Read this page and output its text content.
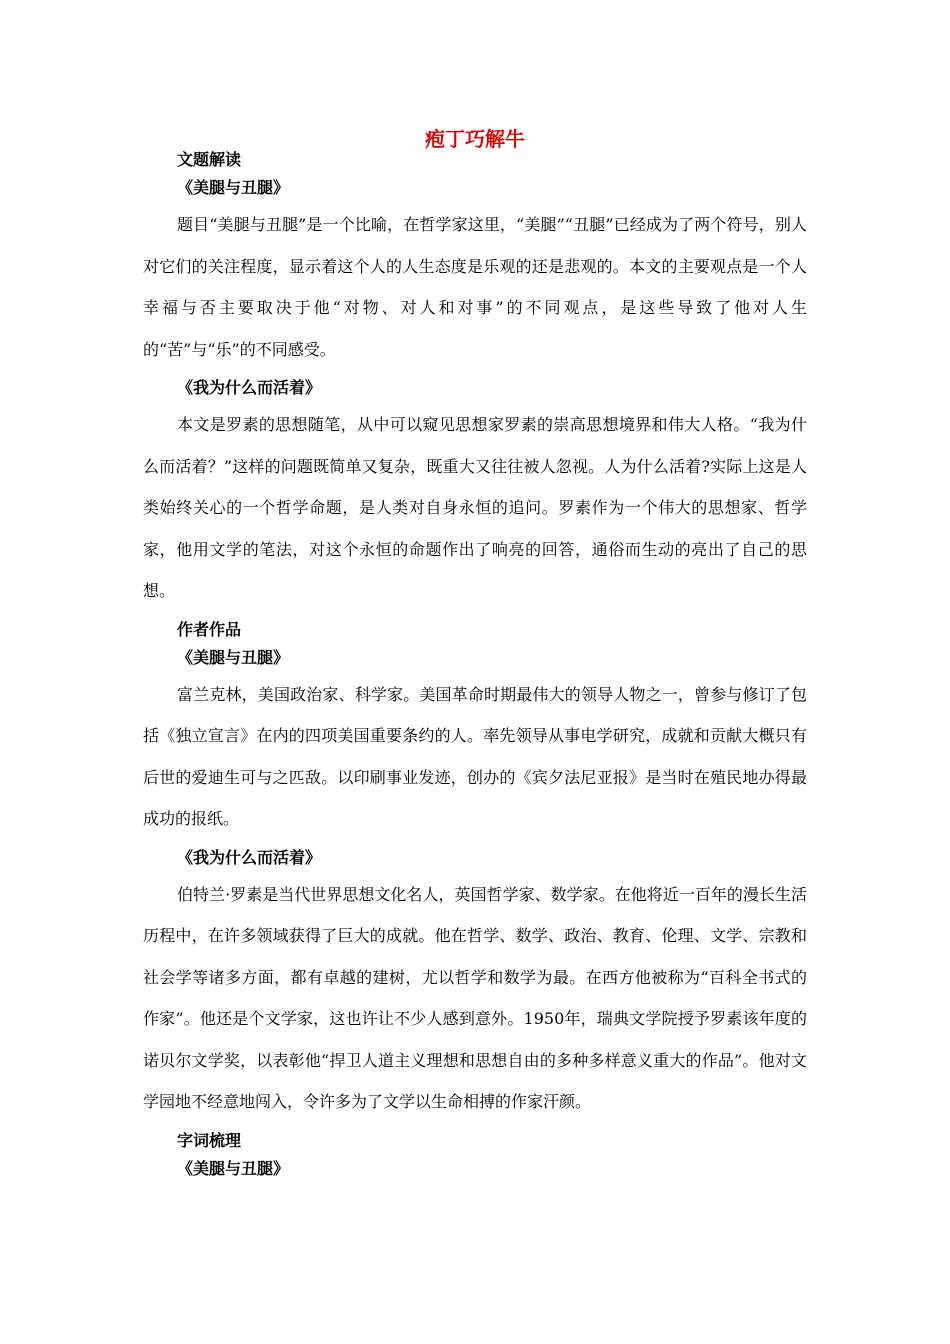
疱丁巧解牛
文题解读
《美腿与丑腿》

题目“美腿与丑腿”是一个比喻，在哲学家这里，“美腿”“丑腿”已经成为了两个符号，别人对它们的关注程度，显示着这个人的人生态度是乐观的还是悲观的。本文的主要观点是一个人幸福与否主要取决于他“对物、对人和对事”的不同观点，是这些导致了他对人生的“苦”与“乐”的不同感受。

《我为什么而活着》

本文是罗素的思想随笔，从中可以窥见思想家罗素的崇高思想境界和伟大人格。“我为什么而活着？”这样的问题既简单又复杂，既重大又往往被人忽视。人为什么活着?实际上这是人类始终关心的一个哲学命题，是人类对自身永恒的追问。罗素作为一个伟大的思想家、哲学家，他用文学的笔法，对这个永恒的命题作出了响亮的回答，通俗而生动的亮出了自己的思想。

作者作品
《美腿与丑腿》

富兰克林，美国政治家、科学家。美国革命时期最伟大的领导人物之一，曾参与修订了包括《独立宣言》在内的四项美国重要条约的人。率先领导从事电学研究，成就和贡献大概只有后世的爱迪生可与之匹敌。以印刷事业发迹，创办的《宾夕法尼亚报》是当时在殖民地办得最成功的报纸。

《我为什么而活着》

伯特兰·罗素是当代世界思想文化名人，英国哲学家、数学家。在他将近一百年的漫长生活历程中，在许多领域获得了巨大的成就。他在哲学、数学、政治、教育、伦理、文学、宗教和社会学等诸多方面，都有卓越的建树，尤以哲学和数学为最。在西方他被称为“百科全书式的作家”。他还是个文学家，这也许让不少人感到意外。1950年，瑞典文学院授予罗素该年度的诺贝尔文学奖，以表彰他“捍卫人道主义理想和思想自由的多种多样意义重大的作品”。他对文学园地不经意地闯入，令许多为了文学以生命相搏的作家汗颜。

字词梳理
《美腿与丑腿》
